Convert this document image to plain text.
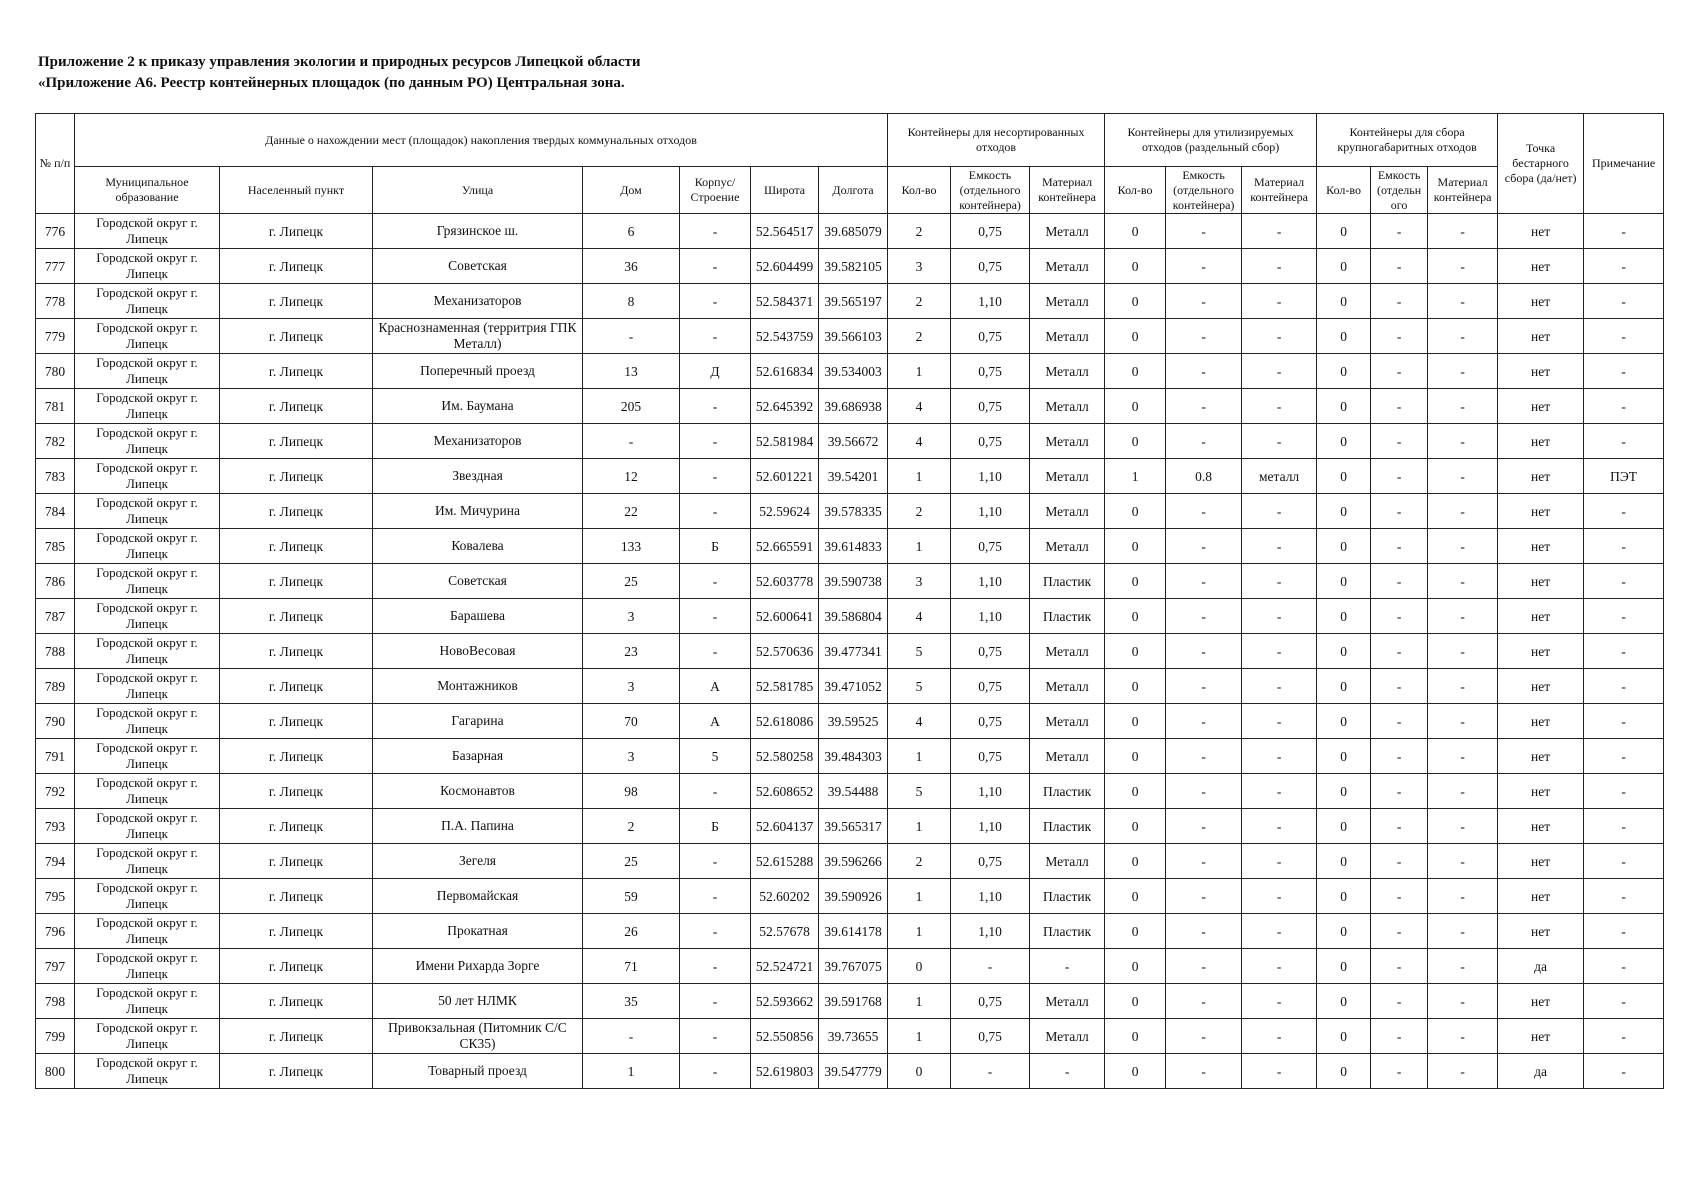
Приложение 2 к приказу управления экологии и природных ресурсов Липецкой области
«Приложение А6. Реестр контейнерных площадок (по данным РО) Центральная зона.
№ п/п	Данные о нахождении мест (площадок) накопления твердых коммунальных отходов							Контейнеры для несортированных отходов			Контейнеры для утилизируемых отходов (раздельный сбор)			Контейнеры для сбора крупногабаритных отходов			Точка бестарного сбора (да/нет)	Примечание
	Муниципальное образование	Населенный пункт	Улица	Дом	Корпус/ Строение	Широта	Долгота	Кол-во	Емкость (отдельного контейнера)	Материал контейнера	Кол-во	Емкость (отдельного контейнера)	Материал контейнера	Кол-во	Емкость (отдельн ого	Материал контейнера		
776	Городской округ г. Липецк	г. Липецк	Грязинское ш.	6	-	52.564517	39.685079	2	0,75	Металл	0	-	-	0	-	-	нет	-
777	Городской округ г. Липецк	г. Липецк	Советская	36	-	52.604499	39.582105	3	0,75	Металл	0	-	-	0	-	-	нет	-
778	Городской округ г. Липецк	г. Липецк	Механизаторов	8	-	52.584371	39.565197	2	1,10	Металл	0	-	-	0	-	-	нет	-
779	Городской округ г. Липецк	г. Липецк	Краснознаменная (территрия ГПК Металл)	-	-	52.543759	39.566103	2	0,75	Металл	0	-	-	0	-	-	нет	-
780	Городской округ г. Липецк	г. Липецк	Поперечный проезд	13	Д	52.616834	39.534003	1	0,75	Металл	0	-	-	0	-	-	нет	-
781	Городской округ г. Липецк	г. Липецк	Им. Баумана	205	-	52.645392	39.686938	4	0,75	Металл	0	-	-	0	-	-	нет	-
782	Городской округ г. Липецк	г. Липецк	Механизаторов	-	-	52.581984	39.56672	4	0,75	Металл	0	-	-	0	-	-	нет	-
783	Городской округ г. Липецк	г. Липецк	Звездная	12	-	52.601221	39.54201	1	1,10	Металл	1	0.8	металл	0	-	-	нет	ПЭТ
784	Городской округ г. Липецк	г. Липецк	Им. Мичурина	22	-	52.59624	39.578335	2	1,10	Металл	0	-	-	0	-	-	нет	-
785	Городской округ г. Липецк	г. Липецк	Ковалева	133	Б	52.665591	39.614833	1	0,75	Металл	0	-	-	0	-	-	нет	-
786	Городской округ г. Липецк	г. Липецк	Советская	25	-	52.603778	39.590738	3	1,10	Пластик	0	-	-	0	-	-	нет	-
787	Городской округ г. Липецк	г. Липецк	Барашева	3	-	52.600641	39.586804	4	1,10	Пластик	0	-	-	0	-	-	нет	-
788	Городской округ г. Липецк	г. Липецк	НовоВесовая	23	-	52.570636	39.477341	5	0,75	Металл	0	-	-	0	-	-	нет	-
789	Городской округ г. Липецк	г. Липецк	Монтажников	3	А	52.581785	39.471052	5	0,75	Металл	0	-	-	0	-	-	нет	-
790	Городской округ г. Липецк	г. Липецк	Гагарина	70	А	52.618086	39.59525	4	0,75	Металл	0	-	-	0	-	-	нет	-
791	Городской округ г. Липецк	г. Липецк	Базарная	3	5	52.580258	39.484303	1	0,75	Металл	0	-	-	0	-	-	нет	-
792	Городской округ г. Липецк	г. Липецк	Космонавтов	98	-	52.608652	39.54488	5	1,10	Пластик	0	-	-	0	-	-	нет	-
793	Городской округ г. Липецк	г. Липецк	П.А. Папина	2	Б	52.604137	39.565317	1	1,10	Пластик	0	-	-	0	-	-	нет	-
794	Городской округ г. Липецк	г. Липецк	Зегеля	25	-	52.615288	39.596266	2	0,75	Металл	0	-	-	0	-	-	нет	-
795	Городской округ г. Липецк	г. Липецк	Первомайская	59	-	52.60202	39.590926	1	1,10	Пластик	0	-	-	0	-	-	нет	-
796	Городской округ г. Липецк	г. Липецк	Прокатная	26	-	52.57678	39.614178	1	1,10	Пластик	0	-	-	0	-	-	нет	-
797	Городской округ г. Липецк	г. Липецк	Имени Рихарда Зорге	71	-	52.524721	39.767075	0	-	-	0	-	-	0	-	-	да	-
798	Городской округ г. Липецк	г. Липецк	50 лет НЛМК	35	-	52.593662	39.591768	1	0,75	Металл	0	-	-	0	-	-	нет	-
799	Городской округ г. Липецк	г. Липецк	Привокзальная (Питомник С/С СК35)	-	-	52.550856	39.73655	1	0,75	Металл	0	-	-	0	-	-	нет	-
800	Городской округ г. Липецк	г. Липецк	Товарный проезд	1	-	52.619803	39.547779	0	-	-	0	-	-	0	-	-	да	-
